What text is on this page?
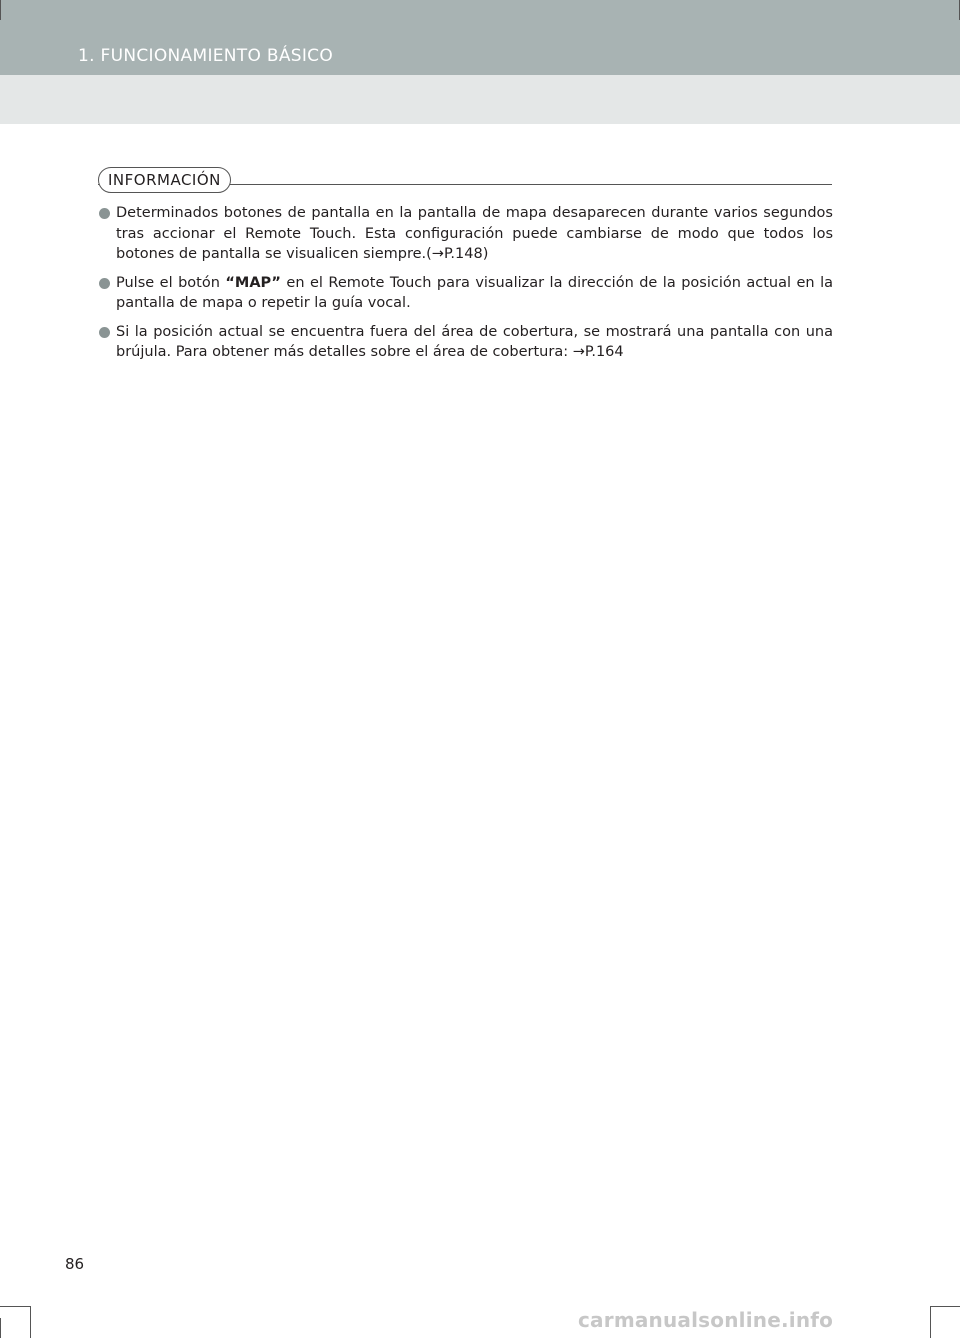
1. FUNCIONAMIENTO BÁSICO
INFORMACIÓN
Determinados botones de pantalla en la pantalla de mapa desaparecen durante varios segundos tras accionar el Remote Touch. Esta configuración puede cambiarse de modo que todos los botones de pantalla se visualicen siempre.(→P.148)
Pulse el botón “MAP” en el Remote Touch para visualizar la dirección de la posición actual en la pantalla de mapa o repetir la guía vocal.
Si la posición actual se encuentra fuera del área de cobertura, se mostrará una pantalla con una brújula. Para obtener más detalles sobre el área de cobertura: →P.164
86
carmanualsonline.info
